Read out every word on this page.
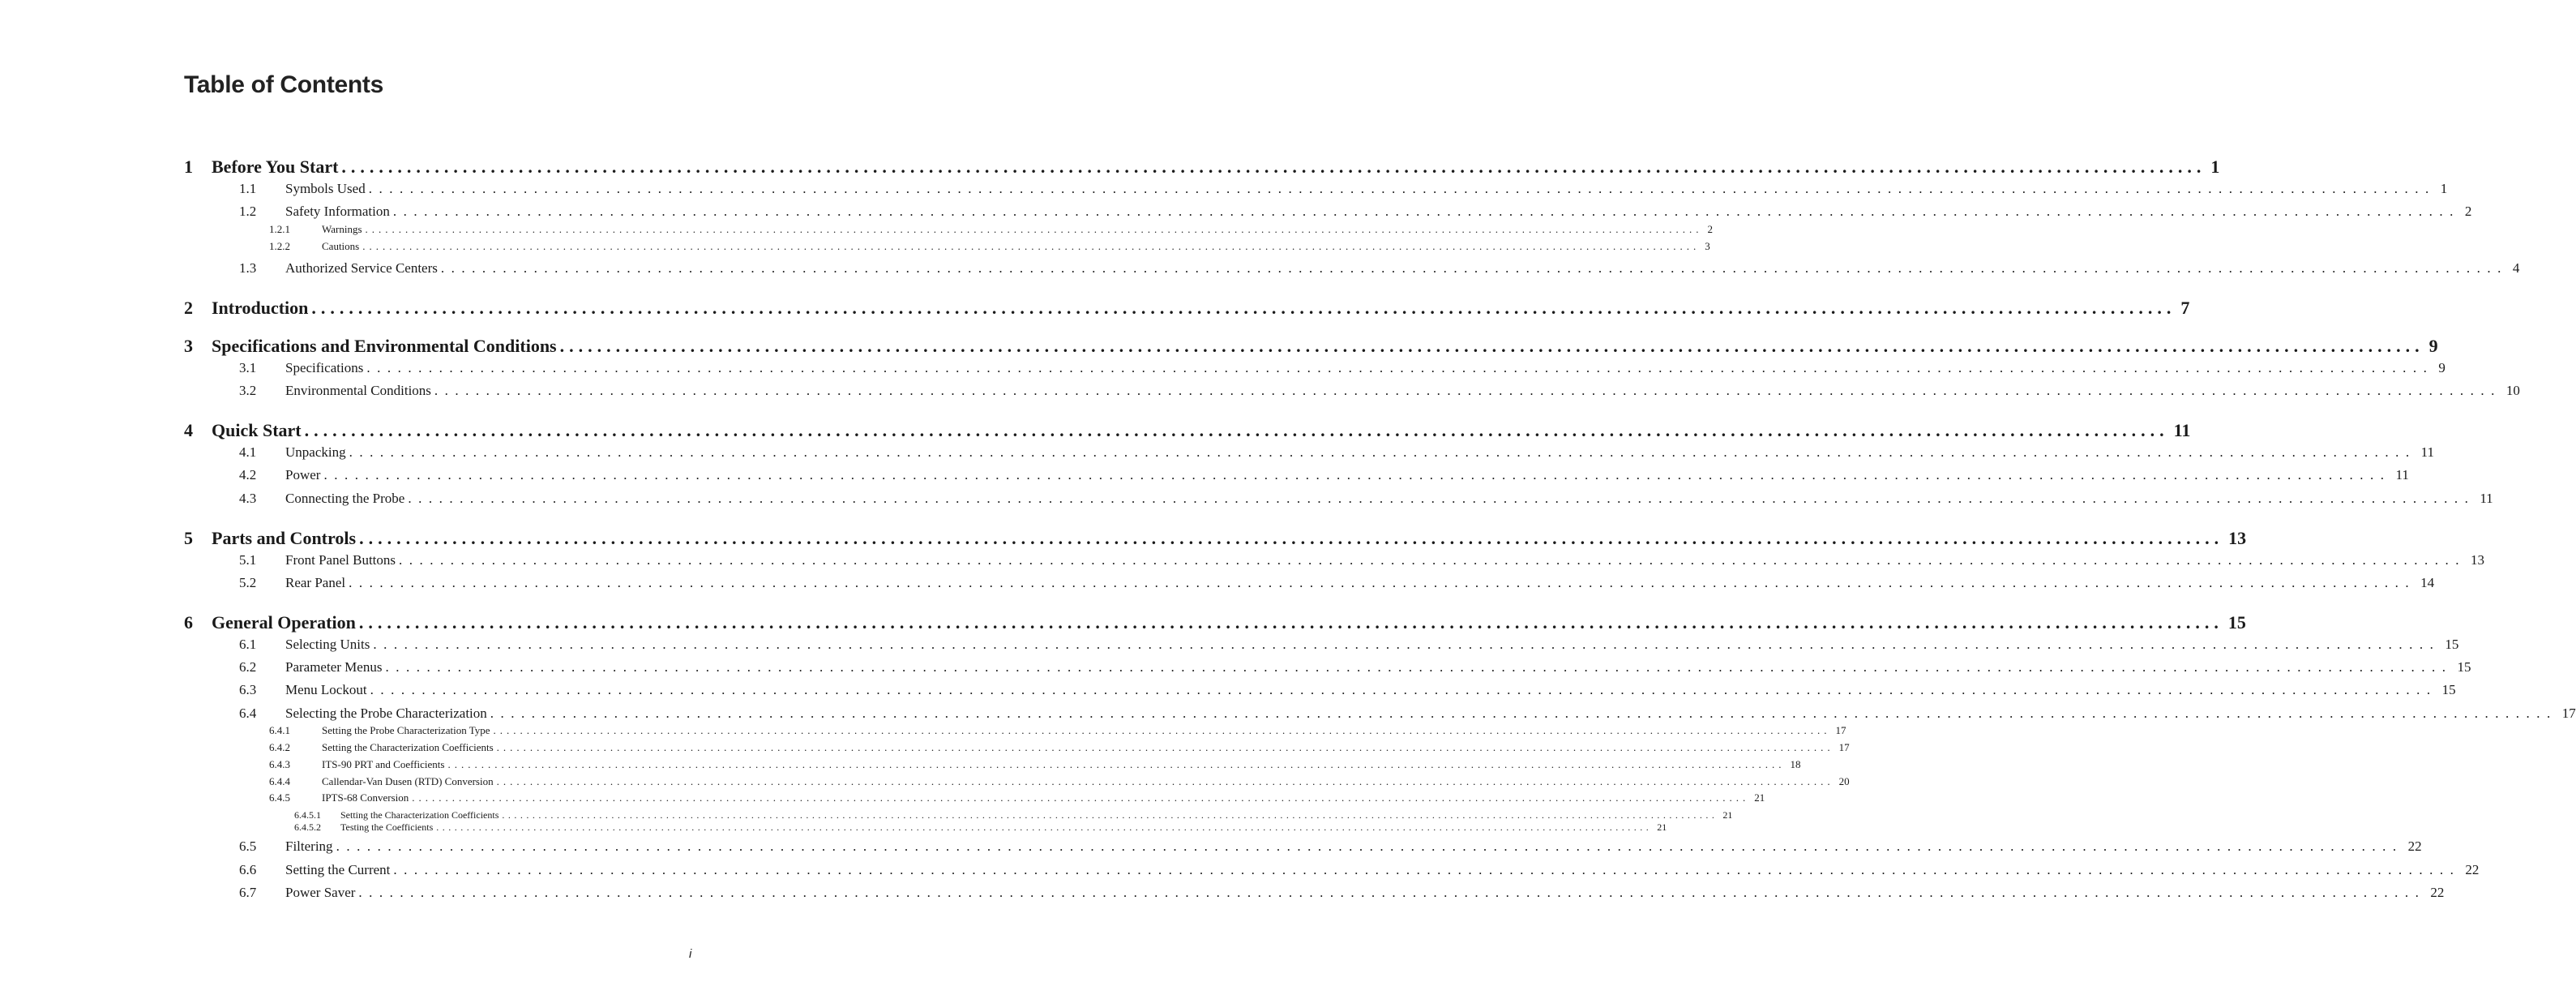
Table of Contents
1	Before You Start ........................................................................................................................................................................................................ 1
1.1	Symbols Used ........................................................................................................................................................................................................ 1
1.2	Safety Information ........................................................................................................................................................................................................ 2
1.2.1	Warnings ........................................................................................................................................................................................................ 2
1.2.2	Cautions ........................................................................................................................................................................................................ 3
1.3	Authorized Service Centers ........................................................................................................................................................................................................ 4
2	Introduction ........................................................................................................................................................................................................ 7
3	Specifications and Environmental Conditions ........................................................................................................................................................................................................ 9
3.1	Specifications ........................................................................................................................................................................................................ 9
3.2	Environmental Conditions ........................................................................................................................................................................................................ 10
4	Quick Start ........................................................................................................................................................................................................ 11
4.1	Unpacking ........................................................................................................................................................................................................ 11
4.2	Power ........................................................................................................................................................................................................ 11
4.3	Connecting the Probe ........................................................................................................................................................................................................ 11
5	Parts and Controls ........................................................................................................................................................................................................ 13
5.1	Front Panel Buttons ........................................................................................................................................................................................................ 13
5.2	Rear Panel ........................................................................................................................................................................................................ 14
6	General Operation ........................................................................................................................................................................................................ 15
6.1	Selecting Units ........................................................................................................................................................................................................ 15
6.2	Parameter Menus ........................................................................................................................................................................................................ 15
6.3	Menu Lockout ........................................................................................................................................................................................................ 15
6.4	Selecting the Probe Characterization ........................................................................................................................................................................................................ 17
6.4.1	Setting the Probe Characterization Type ........................................................................................................................................................................................................ 17
6.4.2	Setting the Characterization Coefficients ........................................................................................................................................................................................................ 17
6.4.3	ITS-90 PRT and Coefficients ........................................................................................................................................................................................................ 18
6.4.4	Callendar-Van Dusen (RTD) Conversion ........................................................................................................................................................................................................ 20
6.4.5	IPTS-68 Conversion ........................................................................................................................................................................................................ 21
6.4.5.1	Setting the Characterization Coefficients ........................................................................................................................................................................................................ 21
6.4.5.2	Testing the Coefficients ........................................................................................................................................................................................................ 21
6.5	Filtering ........................................................................................................................................................................................................ 22
6.6	Setting the Current ........................................................................................................................................................................................................ 22
6.7	Power Saver ........................................................................................................................................................................................................ 22
i
